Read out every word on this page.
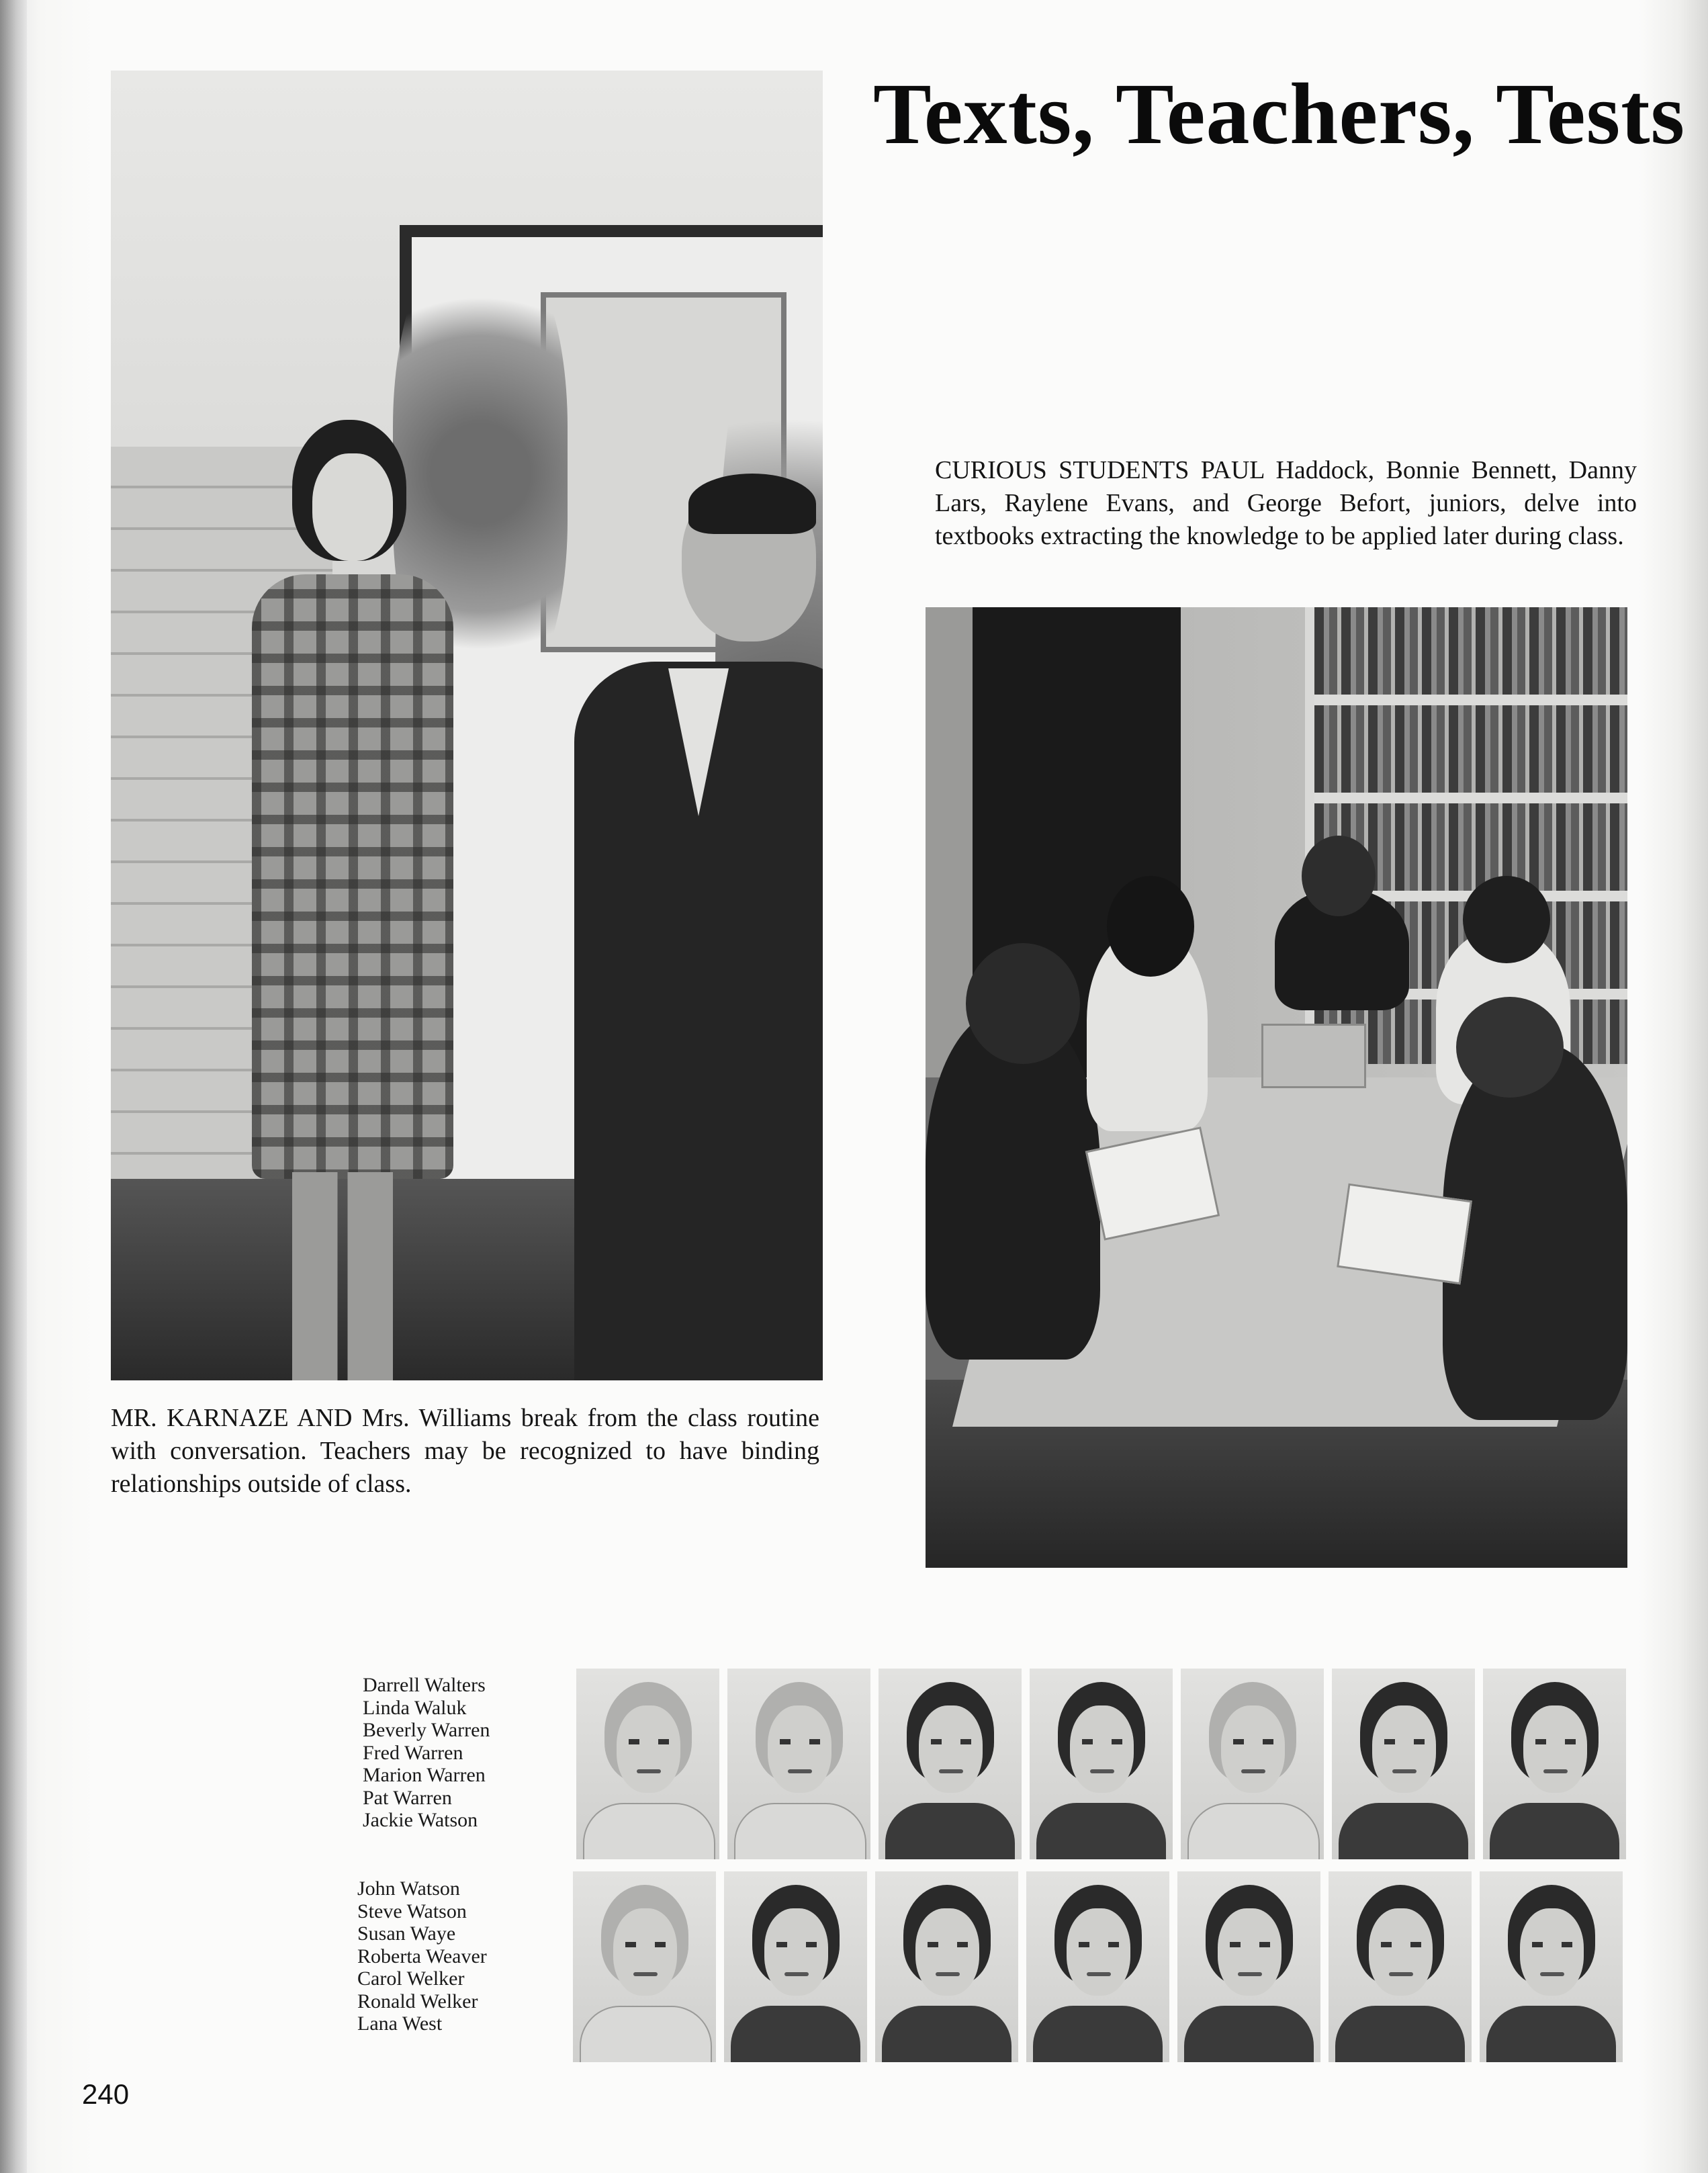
Texts, Teachers, Tests
MR. KARNAZE AND Mrs. Williams break from the class routine with conversation. Teachers may be recognized to have binding relationships outside of class.
CURIOUS STUDENTS PAUL Haddock, Bonnie Bennett, Danny Lars, Raylene Evans, and George Befort, juniors, delve into textbooks extracting the knowledge to be applied later during class.
Darrell Walters
Linda Waluk
Beverly Warren
Fred Warren
Marion Warren
Pat Warren
Jackie Watson
John Watson
Steve Watson
Susan Waye
Roberta Weaver
Carol Welker
Ronald Welker
Lana West
240
